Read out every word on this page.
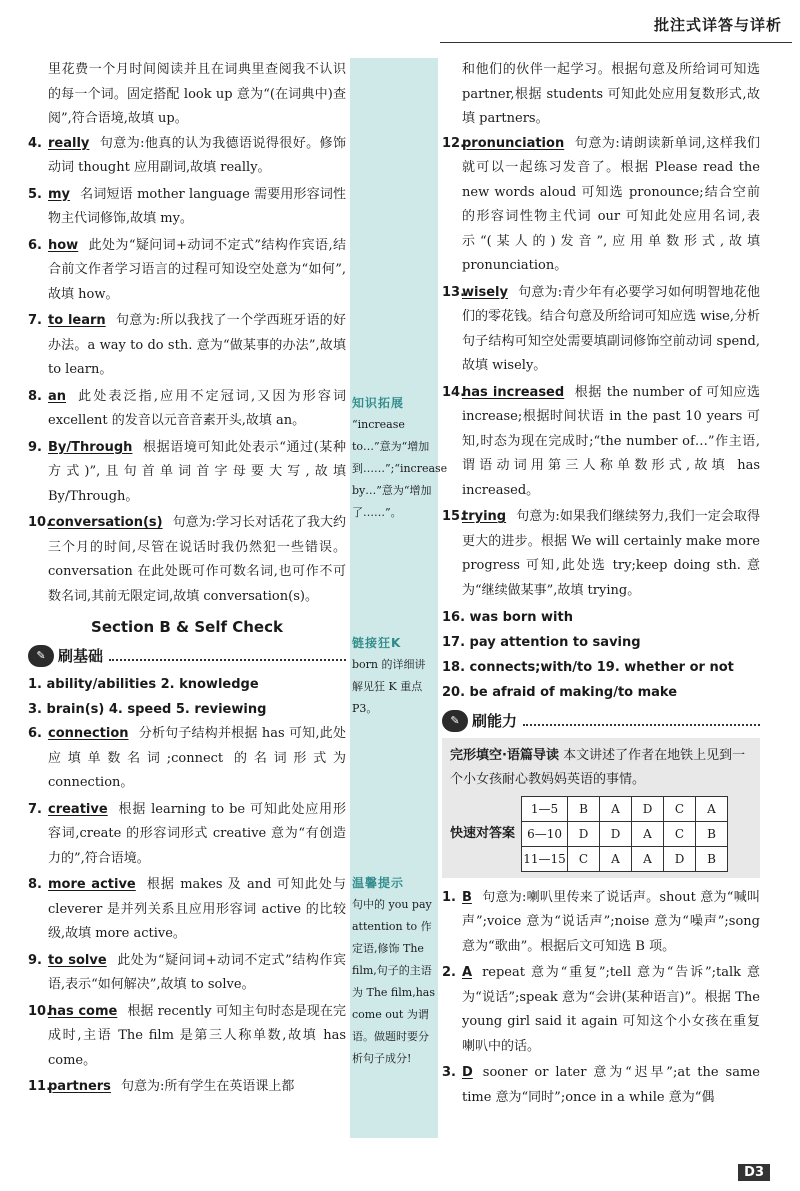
批注式详答与详析
知识拓展
“increase to…”意为“增加到……”;“increase by…”意为“增加了……”。
链接狂K
born 的详细讲解见狂 K 重点 P3。
温馨提示
句中的 you pay attention to 作定语,修饰 The film,句子的主语为 The film,has come out 为谓语。做题时要分析句子成分!
里花费一个月时间阅读并且在词典里查阅我不认识的每一个词。固定搭配 look up 意为“(在词典中)查阅”,符合语境,故填 up。
4. really 句意为:他真的认为我德语说得很好。修饰动词 thought 应用副词,故填 really。
5. my 名词短语 mother language 需要用形容词性物主代词修饰,故填 my。
6. how 此处为“疑问词+动词不定式”结构作宾语,结合前文作者学习语言的过程可知设空处意为“如何”,故填 how。
7. to learn 句意为:所以我找了一个学西班牙语的好办法。a way to do sth. 意为“做某事的办法”,故填 to learn。
8. an 此处表泛指,应用不定冠词,又因为形容词 excellent 的发音以元音音素开头,故填 an。
9. By/Through 根据语境可知此处表示“通过(某种方式)”,且句首单词首字母要大写,故填 By/Through。
10.
conversation(s) 句意为:学习长对话花了我大约三个月的时间,尽管在说话时我仍然犯一些错误。conversation 在此处既可作可数名词,也可作不可数名词,其前无限定词,故填 conversation(s)。
Section B & Self Check
✎ 刷基础
1. ability/abilities 2. knowledge
3. brain(s) 4. speed 5. reviewing
6. connection 分析句子结构并根据 has 可知,此处应填单数名词;connect 的名词形式为 connection。
7. creative 根据 learning to be 可知此处应用形容词,create 的形容词形式 creative 意为“有创造力的”,符合语境。
8. more active 根据 makes 及 and 可知此处与 cleverer 是并列关系且应用形容词 active 的比较级,故填 more active。
9. to solve 此处为“疑问词+动词不定式”结构作宾语,表示“如何解决”,故填 to solve。
10.
has come 根据 recently 可知主句时态是现在完成时,主语 The film 是第三人称单数,故填 has come。
11.
partners 句意为:所有学生在英语课上都
和他们的伙伴一起学习。根据句意及所给词可知选 partner,根据 students 可知此处应用复数形式,故填 partners。
12.
pronunciation 句意为:请朗读新单词,这样我们就可以一起练习发音了。根据 Please read the new words aloud 可知选 pronounce;结合空前的形容词性物主代词 our 可知此处应用名词,表示“(某人的)发音”,应用单数形式,故填 pronunciation。
13.
wisely 句意为:青少年有必要学习如何明智地花他们的零花钱。结合句意及所给词可知应选 wise,分析句子结构可知空处需要填副词修饰空前动词 spend,故填 wisely。
14.
has increased 根据 the number of 可知应选 increase;根据时间状语 in the past 10 years 可知,时态为现在完成时;“the number of…”作主语,谓语动词用第三人称单数形式,故填 has increased。
15.
trying 句意为:如果我们继续努力,我们一定会取得更大的进步。根据 We will certainly make more progress 可知,此处选 try;keep doing sth. 意为“继续做某事”,故填 trying。
16. was born with
17. pay attention to saving
18. connects;with/to 19. whether or not
20. be afraid of making/to make
✎ 刷能力
完形填空·语篇导读 本文讲述了作者在地铁上见到一个小女孩耐心教妈妈英语的事情。
快速对答案
1—5	B	A	D	C	A
6—10	D	D	A	C	B
11—15	C	A	A	D	B
1. B 句意为:喇叭里传来了说话声。shout 意为“喊叫声”;voice 意为“说话声”;noise 意为“噪声”;song 意为“歌曲”。根据后文可知选 B 项。
2. A repeat 意为“重复”;tell 意为“告诉”;talk 意为“说话”;speak 意为“会讲(某种语言)”。根据 The young girl said it again 可知这个小女孩在重复喇叭中的话。
3. D sooner or later 意为“迟早”;at the same time 意为“同时”;once in a while 意为“偶
D3
